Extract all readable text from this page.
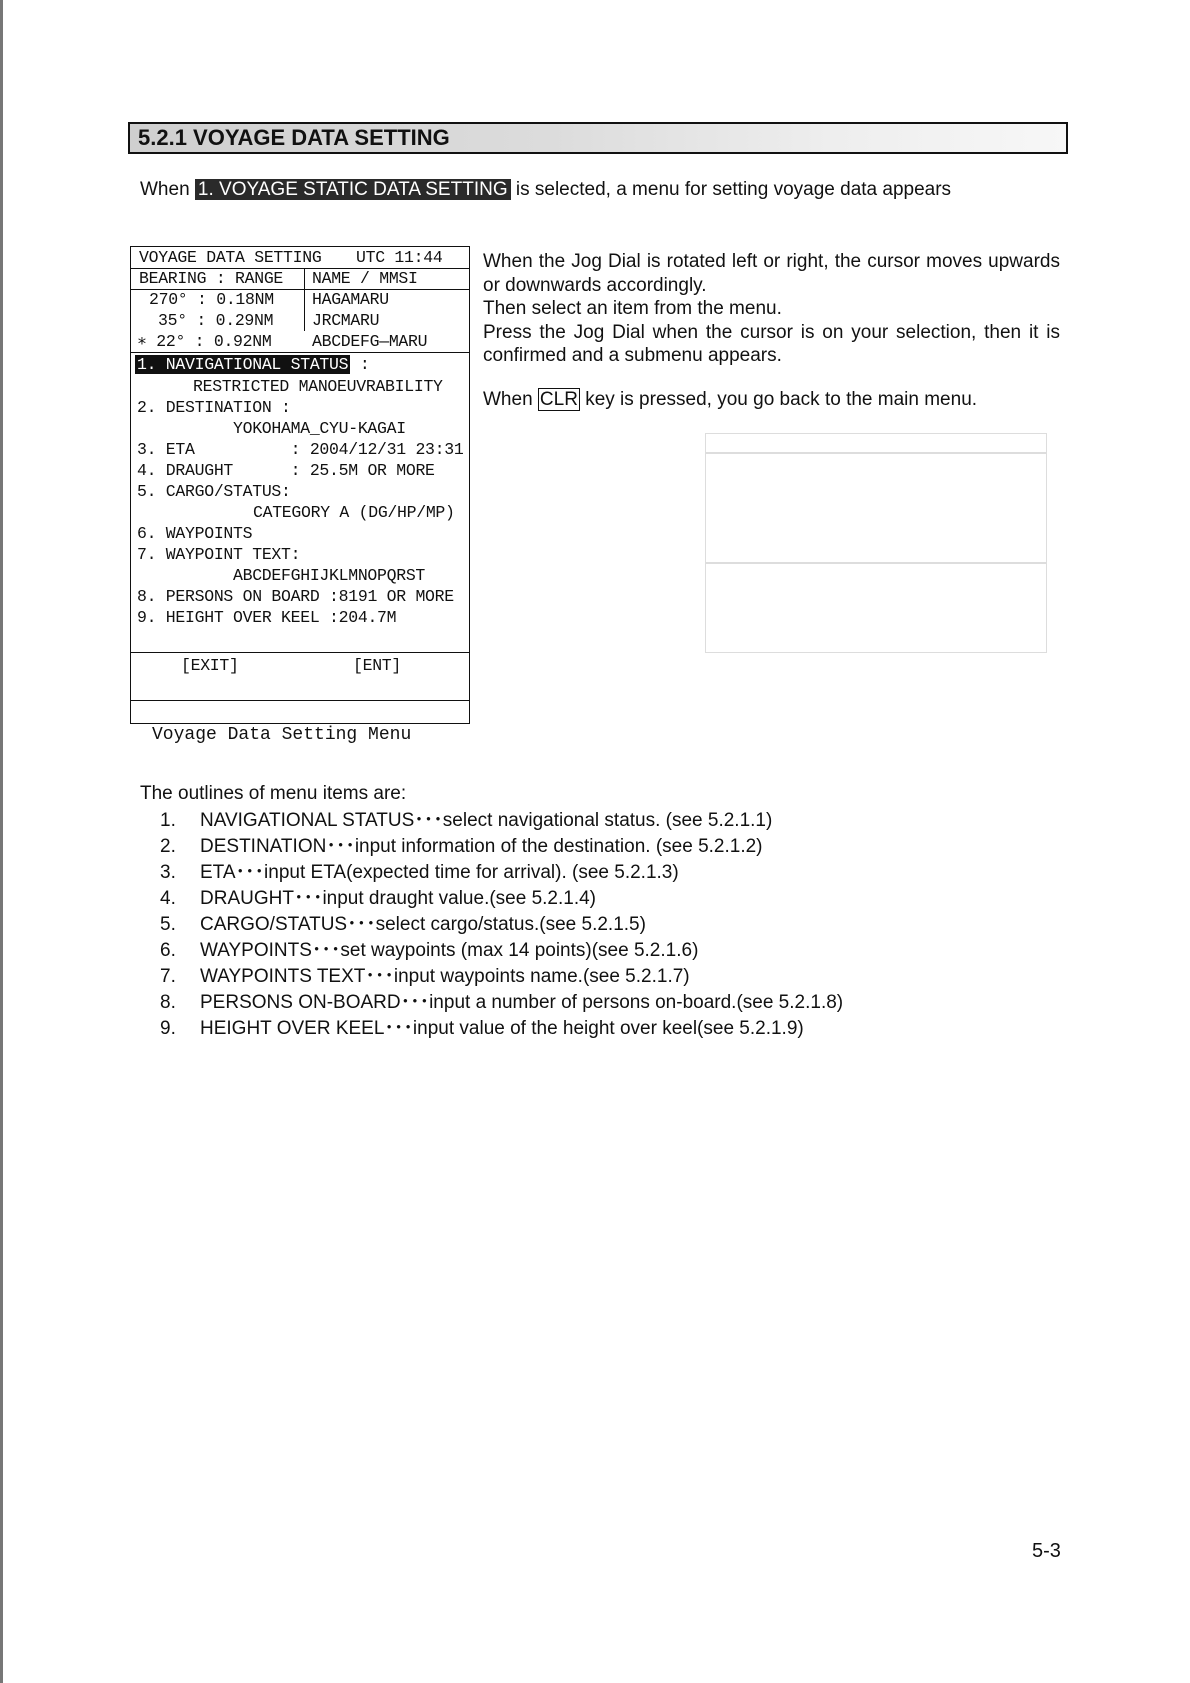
5.2.1 VOYAGE DATA SETTING
When 1. VOYAGE STATIC DATA SETTING is selected, a menu for setting voyage data appears
VOYAGE DATA SETTING UTC 11:44
BEARING : RANGE NAME / MMSI
270° : 0.18NM HAGAMARU
35° : 0.29NM JRCMARU
∗ 22° : 0.92NM ABCDEFG—MARU
1. NAVIGATIONAL STATUS :
RESTRICTED MANOEUVRABILITY
2. DESTINATION :
YOKOHAMA_CYU-KAGAI
3. ETA          : 2004/12/31 23:31
4. DRAUGHT      : 25.5M OR MORE
5. CARGO/STATUS:
CATEGORY A (DG/HP/MP)
6. WAYPOINTS
7. WAYPOINT TEXT:
ABCDEFGHIJKLMNOPQRST
8. PERSONS ON BOARD :8191 OR MORE
9. HEIGHT OVER KEEL :204.7M
[EXIT]	[ENT]
Voyage Data Setting Menu

When the Jog Dial is rotated left or right, the cursor moves upwards or downwards accordingly.

Then select an item from the menu.

Press the Jog Dial when the cursor is on your selection, then it is confirmed and a submenu appears.

When CLR key is pressed, you go back to the main menu.

The outlines of menu items are:
1. NAVIGATIONAL STATUS･･･select navigational status. (see 5.2.1.1)
2. DESTINATION･･･input information of the destination. (see 5.2.1.2)
3. ETA･･･input ETA(expected time for arrival). (see 5.2.1.3)
4. DRAUGHT･･･input draught value.(see 5.2.1.4)
5. CARGO/STATUS･･･select cargo/status.(see 5.2.1.5)
6. WAYPOINTS･･･set waypoints (max 14 points)(see 5.2.1.6)
7. WAYPOINTS TEXT･･･input waypoints name.(see 5.2.1.7)
8. PERSONS ON-BOARD･･･input a number of persons on-board.(see 5.2.1.8)
9. HEIGHT OVER KEEL･･･input value of the height over keel(see 5.2.1.9)
5-3
